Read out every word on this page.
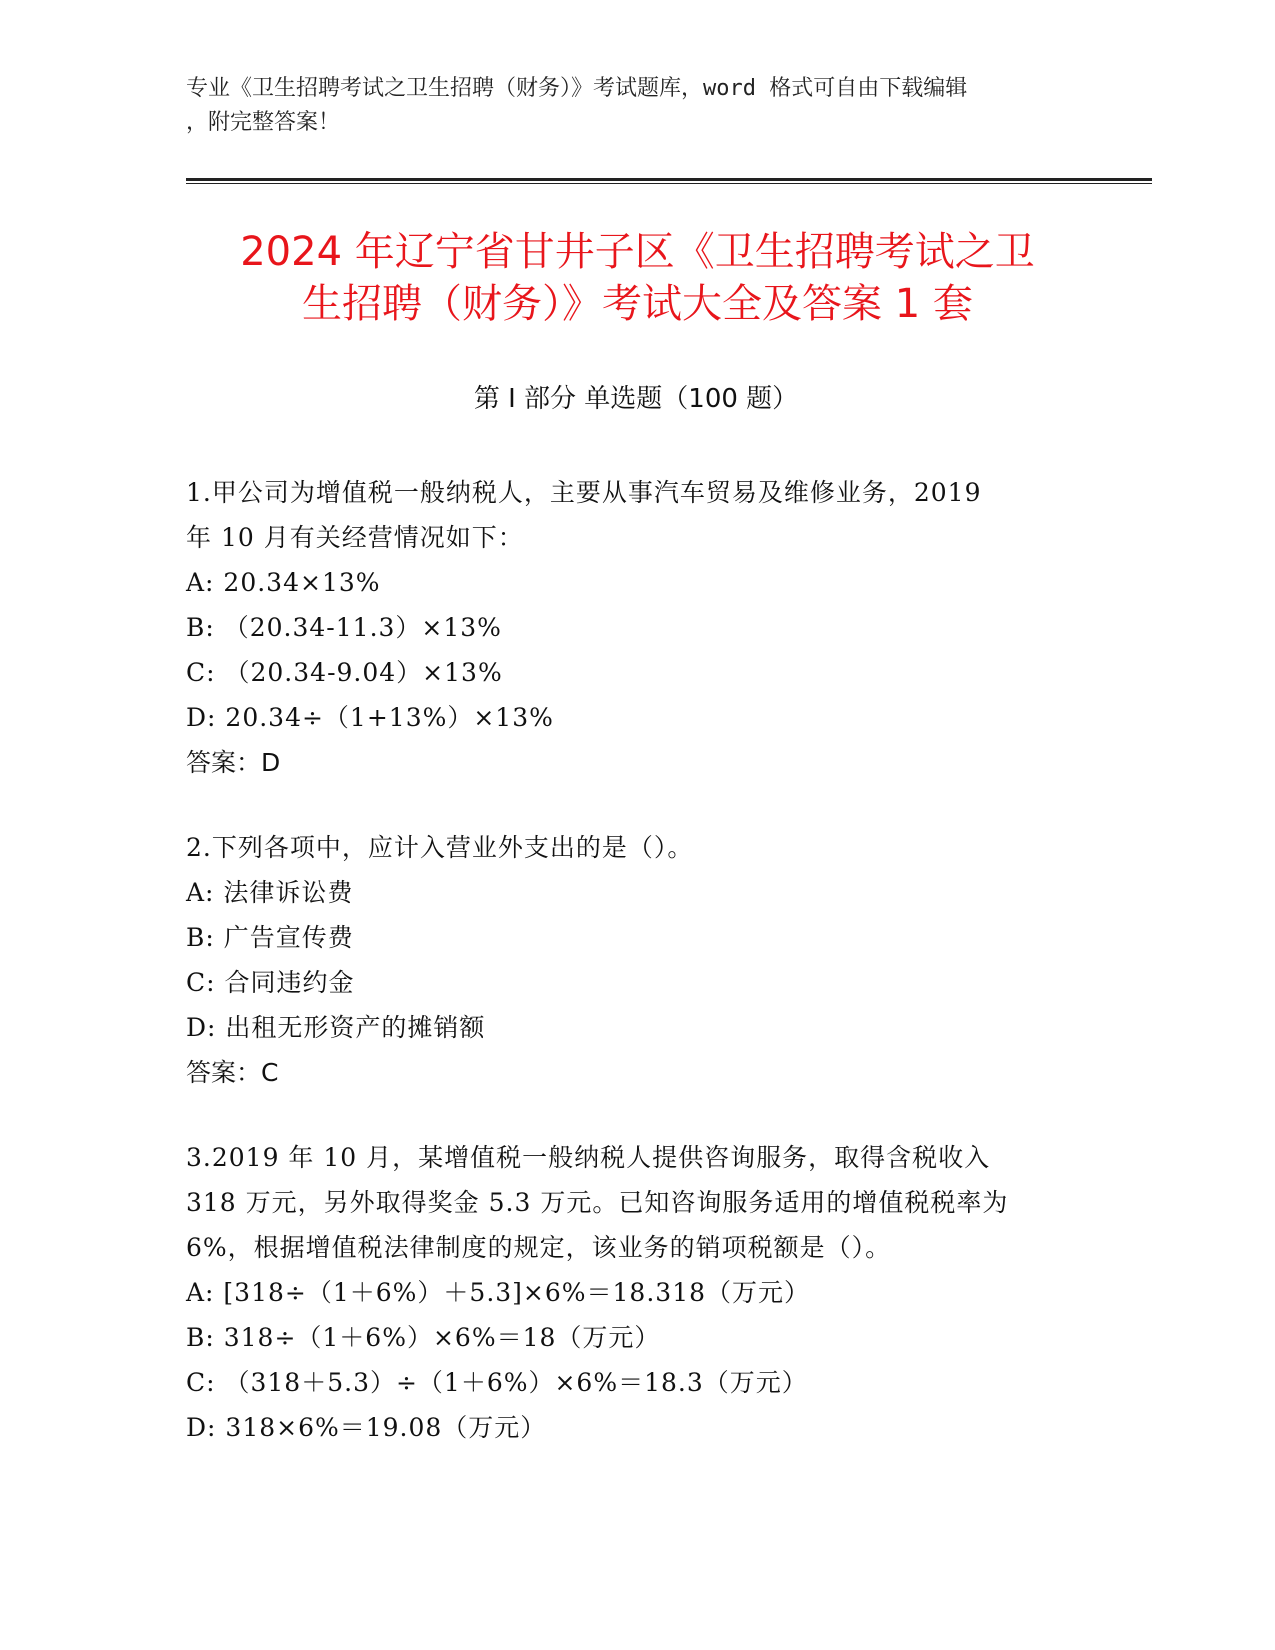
专业《卫生招聘考试之卫生招聘（财务）》考试题库，word 格式可自由下载编辑
，附完整答案！
2024 年辽宁省甘井子区《卫生招聘考试之卫
生招聘（财务）》考试大全及答案 1 套
第 I 部分 单选题（100 题）

1.甲公司为增值税一般纳税人，主要从事汽车贸易及维修业务，2019

年 10 月有关经营情况如下：

A: 20.34×13%

B: （20.34-11.3）×13%

C: （20.34-9.04）×13%

D: 20.34÷（1+13%）×13%

答案：D

2.下列各项中，应计入营业外支出的是（）。

A: 法律诉讼费

B: 广告宣传费

C: 合同违约金

D: 出租无形资产的摊销额

答案：C

3.2019 年 10 月，某增值税一般纳税人提供咨询服务，取得含税收入

318 万元，另外取得奖金 5.3 万元。已知咨询服务适用的增值税税率为

6%，根据增值税法律制度的规定，该业务的销项税额是（）。

A: [318÷（1＋6%）＋5.3]×6%＝18.318（万元）

B: 318÷（1＋6%）×6%＝18（万元）

C: （318＋5.3）÷（1＋6%）×6%＝18.3（万元）

D: 318×6%＝19.08（万元）
